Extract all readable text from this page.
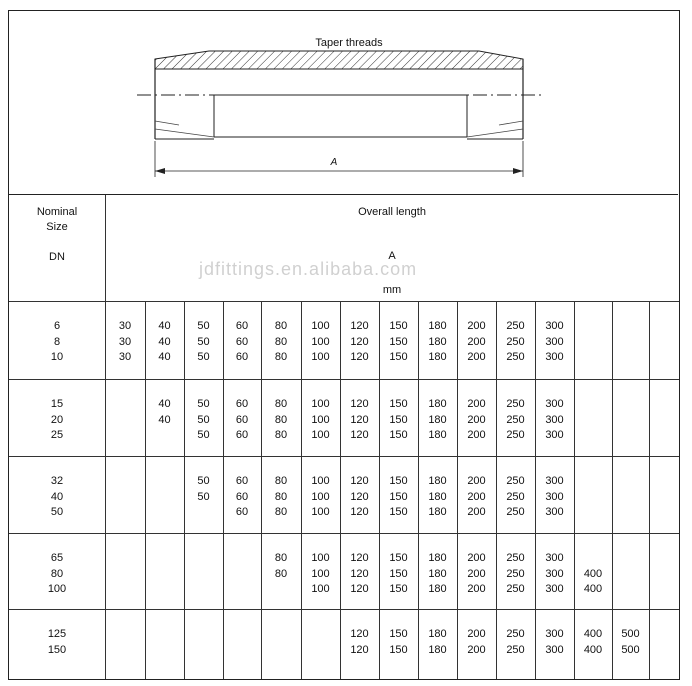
Taper threads
A
Nominal
Size
DN
Overall length
A
mm
6
8
10
30
30
30
40
40
40
50
50
50
60
60
60
80
80
80
100
100
100
120
120
120
150
150
150
180
180
180
200
200
200
250
250
250
300
300
300
15
20
25
40
40
50
50
50
60
60
60
80
80
80
100
100
100
120
120
120
150
150
150
180
180
180
200
200
200
250
250
250
300
300
300
32
40
50
50
50
60
60
60
80
80
80
100
100
100
120
120
120
150
150
150
180
180
180
200
200
200
250
250
250
300
300
300
65
80
100
80
80
100
100
100
120
120
120
150
150
150
180
180
180
200
200
200
250
250
250
300
300
300
400
400
125
150
120
120
150
150
180
180
200
200
250
250
300
300
400
400
500
500
jdfittings.en.alibaba.com
